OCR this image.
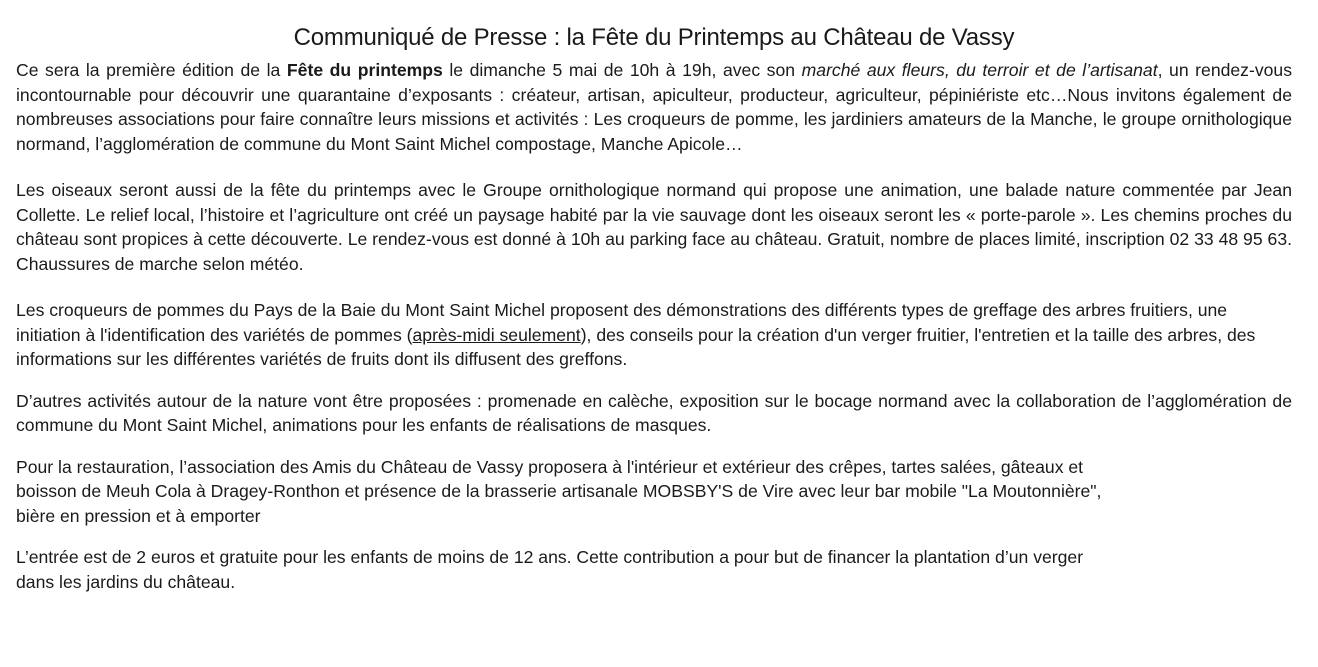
Communiqué de Presse : la Fête du Printemps au Château de Vassy

Ce sera la première édition de la Fête du printemps le dimanche 5 mai de 10h à 19h, avec son marché aux fleurs, du terroir et de l’artisanat, un rendez-vous incontournable pour découvrir une quarantaine d’exposants : créateur, artisan, apiculteur, producteur, agriculteur, pépiniériste etc…Nous invitons également de nombreuses associations pour faire connaître leurs missions et activités : Les croqueurs de pomme, les jardiniers amateurs de la Manche, le groupe ornithologique normand, l’agglomération de commune du Mont Saint Michel compostage, Manche Apicole…

Les oiseaux seront aussi de la fête du printemps avec le Groupe ornithologique normand qui propose une animation, une balade nature commentée par Jean Collette. Le relief local, l’histoire et l’agriculture ont créé un paysage habité par la vie sauvage dont les oiseaux seront les « porte-parole ». Les chemins proches du château sont propices à cette découverte. Le rendez-vous est donné à 10h au parking face au château. Gratuit, nombre de places limité, inscription 02 33 48 95 63. Chaussures de marche selon météo.

Les croqueurs de pommes du Pays de la Baie du Mont Saint Michel proposent des démonstrations des différents types de greffage des arbres fruitiers, une initiation à l'identification des variétés de pommes (après-midi seulement), des conseils pour la création d'un verger fruitier, l'entretien et la taille des arbres, des informations sur les différentes variétés de fruits dont ils diffusent des greffons.

D’autres activités autour de la nature vont être proposées : promenade en calèche, exposition sur le bocage normand avec la collaboration de l’agglomération de commune du Mont Saint Michel, animations pour les enfants de réalisations de masques.

Pour la restauration, l’association des Amis du Château de Vassy proposera à l'intérieur et extérieur des crêpes, tartes salées, gâteaux et
boisson de Meuh Cola à Dragey-Ronthon et présence de la brasserie artisanale MOBSBY'S de Vire avec leur bar mobile "La Moutonnière",
bière en pression et à emporter

L’entrée est de 2 euros et gratuite pour les enfants de moins de 12 ans. Cette contribution a pour but de financer la plantation d’un verger
dans les jardins du château.
